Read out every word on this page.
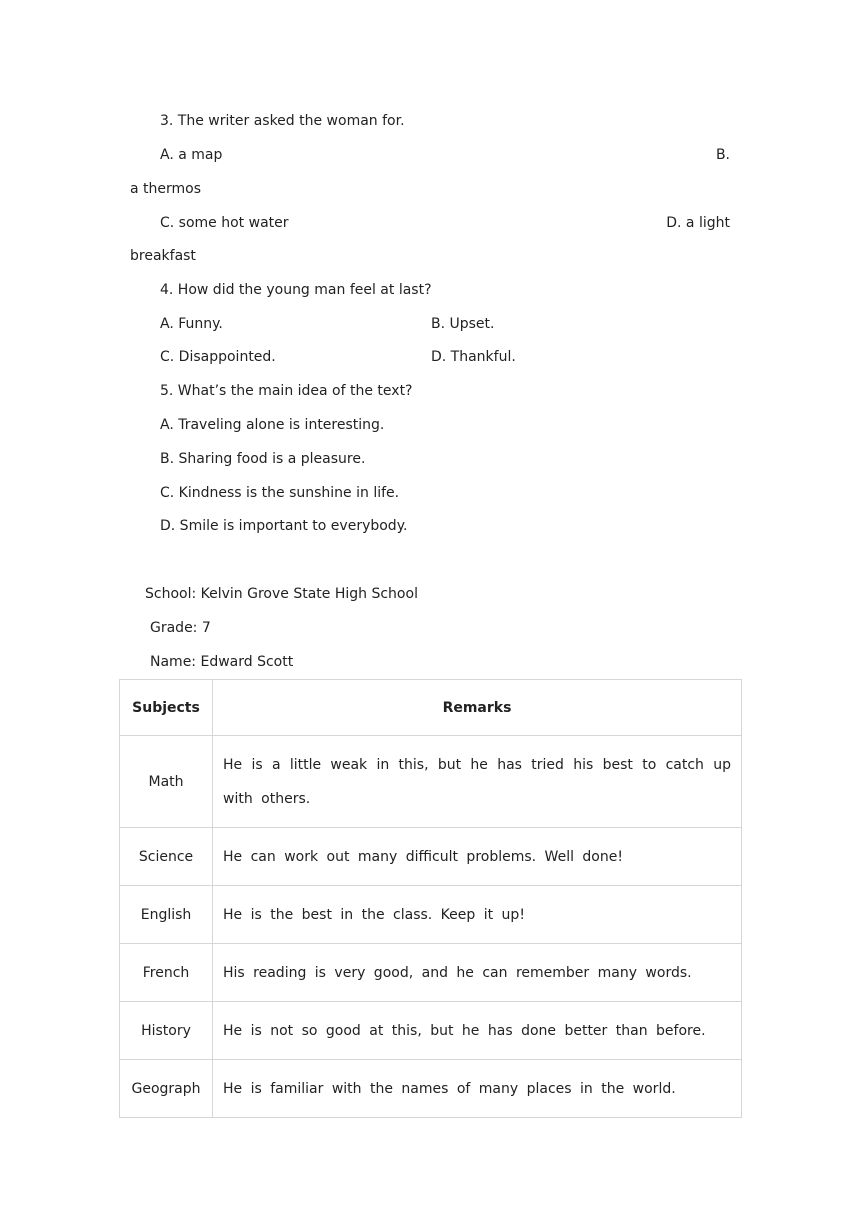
3. The writer asked the woman for.
A. a map	B.
a thermos
C. some hot water	D. a light
breakfast
4. How did the young man feel at last?
A. Funny.	B. Upset.
C. Disappointed.	D. Thankful.
5. What’s the main idea of the text?
A. Traveling alone is interesting.
B. Sharing food is a pleasure.
C. Kindness is the sunshine in life.
D. Smile is important to everybody.
School: Kelvin Grove State High School
Grade: 7
Name: Edward Scott
Subjects	Remarks
Math	He is a little weak in this, but he has tried his best to catch up with others.

Science	He can work out many difficult problems. Well done!
English	He is the best in the class. Keep it up!
French	His reading is very good, and he can remember many words.
History	He is not so good at this, but he has done better than before.
Geograph	He is familiar with the names of many places in the world.
